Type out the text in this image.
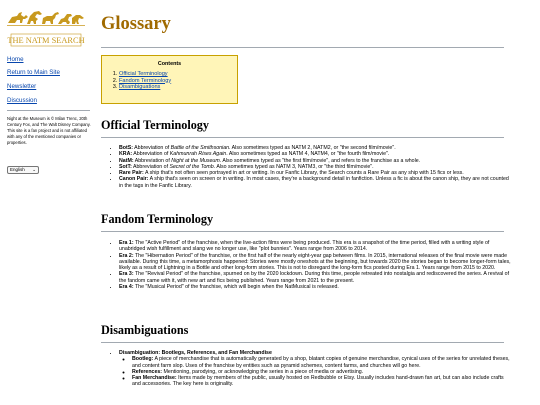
THE NATM SEARCH
Home
Return to Main Site
Newsletter
Discussion
Night at the Museum is © Milan Trenc, 20th Century Fox, and The Walt Disney Company. This site is a fan project and is not affiliated with any of the mentioned companies or properties.
English ⌄
Glossary
Contents
1. Official Terminology
2. Fandom Terminology
3. Disambiguations
Official Terminology
• BotS: Abbreviation of Battle of the Smithsonian. Also sometimes typed as NATM 2, NATM2, or "the second film/movie".
• KRA: Abbreviation of Kahmunrah Rises Again. Also sometimes typed as NATM 4, NATM4, or "the fourth film/movie".
• NatM: Abbreviation of Night at the Museum. Also sometimes typed as "the first film/movie", and refers to the franchise as a whole.
• SotT: Abbreviation of Secret of the Tomb. Also sometimes typed as NATM 3, NATM3, or "the third film/movie".
• Rare Pair: A ship that's not often seen portrayed in art or writing. In our Fanfic Library, the Search counts a Rare Pair as any ship with 15 fics or less.
• Canon Pair: A ship that's seen on screen or in writing. In most cases, they're a background detail in fanfiction. Unless a fic is about the canon ship, they are not counted in the tags in the Fanfic Library.
Fandom Terminology
• Era 1: The "Active Period" of the franchise, when the live-action films were being produced. This era is a snapshot of the time period, filled with a writing style of unabridged wish fulfillment and slang we no longer use, like "plot bunnies". Years range from 2006 to 2014.
• Era 2: The "Hibernation Period" of the franchise, or the first half of the nearly eight-year gap between films. In 2015, international releases of the final movie were made available. During this time, a metamorphosis happened: Stories were mostly oneshots at the beginning, but towards 2020 the stories began to become longer-form tales, likely as a result of Lightning in a Bottle and other long-form stories. This is not to disregard the long-form fics posted during Era 1. Years range from 2015 to 2020.
• Era 3: The "Revival Period" of the franchise, spurned on by the 2020 lockdown. During this time, people retreated into nostalgia and rediscovered the series. A revival of the fandom came with it, with new art and fics being published. Years range from 2021 to the present.
• Era 4: The "Musical Period" of the franchise, which will begin when the NatMusical is released.
Disambiguations
• Disambiguation: Bootlegs, References, and Fan Merchandise
◦ Bootleg: A piece of merchandise that is automatically generated by a shop, blatant copies of genuine merchandise, cynical uses of the series for unrelated theses, and content farm slop. Uses of the franchise by entities such as pyramid schemes, content farms, and churches will go here.
◦ References: Mentioning, parodying, or acknowledging the series in a piece of media or advertising.
◦ Fan Merchandise: Items made by members of the public, usually hosted on Redbubble or Etsy. Usually includes hand-drawn fan art, but can also include crafts and accessories. The key here is originality.
